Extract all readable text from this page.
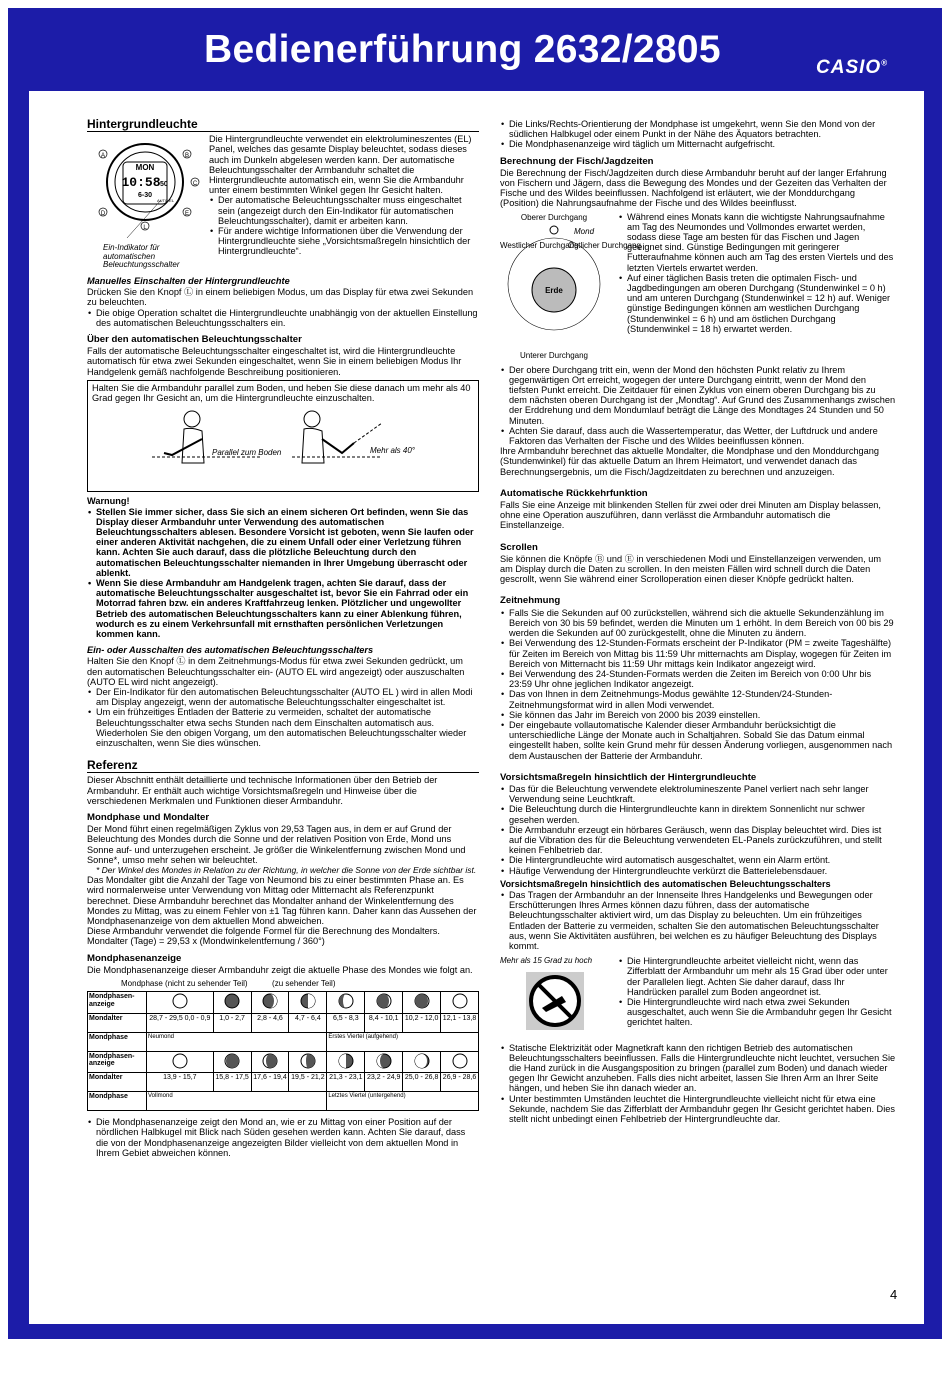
Bedienerführung 2632/2805	CASIO®
Hintergrundleuchte
MON
10:58 50
6-30
AUTO EL
A	B
C
D	E
L
Ein-Indikator für automatischen Beleuchtungsschalter

Die Hintergrundleuchte verwendet ein elektrolumineszentes (EL) Panel, welches das gesamte Display beleuchtet, sodass dieses auch im Dunkeln abgelesen werden kann. Der automatische Beleuchtungsschalter der Armbanduhr schaltet die Hintergrundleuchte automatisch ein, wenn Sie die Armbanduhr unter einem bestimmten Winkel gegen Ihr Gesicht halten.

• Der automatische Beleuchtungsschalter muss eingeschaltet sein (angezeigt durch den Ein-Indikator für automatischen Beleuchtungsschalter), damit er arbeiten kann.
• Für andere wichtige Informationen über die Verwendung der Hintergrundleuchte siehe „Vorsichtsmaßregeln hinsichtlich der Hintergrundleuchte“.
Manuelles Einschalten der Hintergrundleuchte

Drücken Sie den Knopf Ⓛ in einem beliebigen Modus, um das Display für etwa zwei Sekunden zu beleuchten.

• Die obige Operation schaltet die Hintergrundleuchte unabhängig von der aktuellen Einstellung des automatischen Beleuchtungsschalters ein.
Über den automatischen Beleuchtungsschalter

Falls der automatische Beleuchtungsschalter eingeschaltet ist, wird die Hintergrundleuchte automatisch für etwa zwei Sekunden eingeschaltet, wenn Sie in einem beliebigen Modus Ihr Handgelenk gemäß nachfolgende Beschreibung positionieren.

Halten Sie die Armbanduhr parallel zum Boden, und heben Sie diese danach um mehr als 40 Grad gegen Ihr Gesicht an, um die Hintergrundleuchte einzuschalten.

Parallel zum Boden	Mehr als 40°
Warnung!
• Stellen Sie immer sicher, dass Sie sich an einem sicheren Ort befinden, wenn Sie das Display dieser Armbanduhr unter Verwendung des automatischen Beleuchtungsschalters ablesen. Besondere Vorsicht ist geboten, wenn Sie laufen oder einer anderen Aktivität nachgehen, die zu einem Unfall oder einer Verletzung führen kann. Achten Sie auch darauf, dass die plötzliche Beleuchtung durch den automatischen Beleuchtungsschalter niemanden in Ihrer Umgebung überrascht oder ablenkt.
• Wenn Sie diese Armbanduhr am Handgelenk tragen, achten Sie darauf, dass der automatische Beleuchtungsschalter ausgeschaltet ist, bevor Sie ein Fahrrad oder ein Motorrad fahren bzw. ein anderes Kraftfahrzeug lenken. Plötzlicher und ungewollter Betrieb des automatischen Beleuchtungsschalters kann zu einer Ablenkung führen, wodurch es zu einem Verkehrsunfall mit ernsthaften persönlichen Verletzungen kommen kann.
Ein- oder Ausschalten des automatischen Beleuchtungsschalters

Halten Sie den Knopf Ⓛ in dem Zeitnehmungs-Modus für etwa zwei Sekunden gedrückt, um den automatischen Beleuchtungsschalter ein- (AUTO EL wird angezeigt) oder auszuschalten (AUTO EL wird nicht angezeigt).

• Der Ein-Indikator für den automatischen Beleuchtungsschalter (AUTO EL ) wird in allen Modi am Display angezeigt, wenn der automatische Beleuchtungsschalter eingeschaltet ist.
• Um ein frühzeitiges Entladen der Batterie zu vermeiden, schaltet der automatische Beleuchtungsschalter etwa sechs Stunden nach dem Einschalten automatisch aus. Wiederholen Sie den obigen Vorgang, um den automatischen Beleuchtungsschalter wieder einzuschalten, wenn Sie dies wünschen.
Referenz

Dieser Abschnitt enthält detaillierte und technische Informationen über den Betrieb der Armbanduhr. Er enthält auch wichtige Vorsichtsmaßregeln und Hinweise über die verschiedenen Merkmalen und Funktionen dieser Armbanduhr.

Mondphase und Mondalter

Der Mond führt einen regelmäßigen Zyklus von 29,53 Tagen aus, in dem er auf Grund der Beleuchtung des Mondes durch die Sonne und der relativen Position von Erde, Mond uns Sonne auf- und unterzugehen erscheint. Je größer die Winkelentfernung zwischen Mond und Sonne*, umso mehr sehen wir beleuchtet.

* Der Winkel des Mondes in Relation zu der Richtung, in welcher die Sonne von der Erde sichtbar ist.

Das Mondalter gibt die Anzahl der Tage von Neumond bis zu einer bestimmten Phase an. Es wird normalerweise unter Verwendung von Mittag oder Mitternacht als Referenzpunkt berechnet. Diese Armbanduhr berechnet das Mondalter anhand der Winkelentfernung des Mondes zu Mittag, was zu einem Fehler von ±1 Tag führen kann. Daher kann das Aussehen der Mondphasenanzeige von dem aktuellen Mond abweichen.

Diese Armbanduhr verwendet die folgende Formel für die Berechnung des Mondalters. Mondalter (Tage) = 29,53 x (Mondwinkelentfernung / 360°)

Mondphasenanzeige

Die Mondphasenanzeige dieser Armbanduhr zeigt die aktuelle Phase des Mondes wie folgt an.

Mondphase (nicht zu sehender Teil)	(zu sehender Teil)
Mondphasen-anzeige								
Mondalter	28,7 - 29,5 0,0 - 0,9	1,0 - 2,7	2,8 - 4,6	4,7 - 6,4	6,5 - 8,3	8,4 - 10,1	10,2 - 12,0	12,1 - 13,8
Mondphase	Neumond				Erstes Viertel (aufgehend)			
Mondphasen-anzeige								
Mondalter	13,9 - 15,7	15,8 - 17,5	17,6 - 19,4	19,5 - 21,2	21,3 - 23,1	23,2 - 24,9	25,0 - 26,8	26,9 - 28,6
Mondphase	Vollmond				Letztes Viertel (untergehend)			
• Die Mondphasenanzeige zeigt den Mond an, wie er zu Mittag von einer Position auf der nördlichen Halbkugel mit Blick nach Süden gesehen werden kann. Achten Sie darauf, dass die von der Mondphasenanzeige angezeigten Bilder vielleicht von dem aktuellen Mond in Ihrem Gebiet abweichen können.
• Die Links/Rechts-Orientierung der Mondphase ist umgekehrt, wenn Sie den Mond von der südlichen Halbkugel oder einem Punkt in der Nähe des Äquators betrachten.
• Die Mondphasenanzeige wird täglich um Mitternacht aufgefrischt.
Berechnung der Fisch/Jagdzeiten

Die Berechnung der Fisch/Jagdzeiten durch diese Armbanduhr beruht auf der langer Erfahrung von Fischern und Jägern, dass die Bewegung des Mondes und der Gezeiten das Verhalten der Fische und des Wildes beeinflussen. Nachfolgend ist erläutert, wie der Monddurchgang (Position) die Nahrungsaufnahme der Fische und des Wildes beeinflusst.

Oberer Durchgang
Mond
Westlicher Durchgang
Östlicher Durchgang
Erde
Unterer Durchgang
• Während eines Monats kann die wichtigste Nahrungsaufnahme am Tag des Neumondes und Vollmondes erwartet werden, sodass diese Tage am besten für das Fischen und Jagen geeignet sind. Günstige Bedingungen mit geringerer Futteraufnahme können auch am Tag des ersten Viertels und des letzten Viertels erwartet werden.
• Auf einer täglichen Basis treten die optimalen Fisch- und Jagdbedingungen am oberen Durchgang (Stundenwinkel = 0 h) und am unteren Durchgang (Stundenwinkel = 12 h) auf. Weniger günstige Bedingungen können am westlichen Durchgang (Stundenwinkel = 6 h) und am östlichen Durchgang (Stundenwinkel = 18 h) erwartet werden.
• Der obere Durchgang tritt ein, wenn der Mond den höchsten Punkt relativ zu Ihrem gegenwärtigen Ort erreicht, wogegen der untere Durchgang eintritt, wenn der Mond den tiefsten Punkt erreicht. Die Zeitdauer für einen Zyklus von einem oberen Durchgang bis zu dem nächsten oberen Durchgang ist der „Mondtag“. Auf Grund des Zusammenhangs zwischen der Erddrehung und dem Mondumlauf beträgt die Länge des Mondtages 24 Stunden und 50 Minuten.
• Achten Sie darauf, dass auch die Wassertemperatur, das Wetter, der Luftdruck und andere Faktoren das Verhalten der Fische und des Wildes beeinflussen können.

Ihre Armbanduhr berechnet das aktuelle Mondalter, die Mondphase und den Monddurchgang (Stundenwinkel) für das aktuelle Datum an Ihrem Heimatort, und verwendet danach das Berechnungsergebnis, um die Fisch/Jagdzeitdaten zu berechnen und anzuzeigen.

Automatische Rückkehrfunktion

Falls Sie eine Anzeige mit blinkenden Stellen für zwei oder drei Minuten am Display belassen, ohne eine Operation auszuführen, dann verlässt die Armbanduhr automatisch die Einstellanzeige.

Scrollen

Sie können die Knöpfe Ⓑ und Ⓔ in verschiedenen Modi und Einstellanzeigen verwenden, um am Display durch die Daten zu scrollen. In den meisten Fällen wird schnell durch die Daten gescrollt, wenn Sie während einer Scrolloperation einen dieser Knöpfe gedrückt halten.

Zeitnehmung
• Falls Sie die Sekunden auf 00 zurückstellen, während sich die aktuelle Sekundenzählung im Bereich von 30 bis 59 befindet, werden die Minuten um 1 erhöht. In dem Bereich von 00 bis 29 werden die Sekunden auf 00 zurückgestellt, ohne die Minuten zu ändern.
• Bei Verwendung des 12-Stunden-Formats erscheint der P-Indikator (PM = zweite Tageshälfte) für Zeiten im Bereich von Mittag bis 11:59 Uhr mitternachts am Display, wogegen für Zeiten im Bereich von Mitternacht bis 11:59 Uhr mittags kein Indikator angezeigt wird.
• Bei Verwendung des 24-Stunden-Formats werden die Zeiten im Bereich von 0:00 Uhr bis 23:59 Uhr ohne jeglichen Indikator angezeigt.
• Das von Ihnen in dem Zeitnehmungs-Modus gewählte 12-Stunden/24-Stunden-Zeitnehmungsformat wird in allen Modi verwendet.
• Sie können das Jahr im Bereich von 2000 bis 2039 einstellen.
• Der eingebaute vollautomatische Kalender dieser Armbanduhr berücksichtigt die unterschiedliche Länge der Monate auch in Schaltjahren. Sobald Sie das Datum einmal eingestellt haben, sollte kein Grund mehr für dessen Änderung vorliegen, ausgenommen nach dem Austauschen der Batterie der Armbanduhr.
Vorsichtsmaßregeln hinsichtlich der Hintergrundleuchte
• Das für die Beleuchtung verwendete elektrolumineszente Panel verliert nach sehr langer Verwendung seine Leuchtkraft.
• Die Beleuchtung durch die Hintergrundleuchte kann in direktem Sonnenlicht nur schwer gesehen werden.
• Die Armbanduhr erzeugt ein hörbares Geräusch, wenn das Display beleuchtet wird. Dies ist auf die Vibration des für die Beleuchtung verwendeten EL-Panels zurückzuführen, und stellt keinen Fehlbetrieb dar.
• Die Hintergrundleuchte wird automatisch ausgeschaltet, wenn ein Alarm ertönt.
• Häufige Verwendung der Hintergrundleuchte verkürzt die Batterielebensdauer.
Vorsichtsmaßregeln hinsichtlich des automatischen Beleuchtungsschalters
• Das Tragen der Armbanduhr an der Innenseite Ihres Handgelenks und Bewegungen oder Erschütterungen Ihres Armes können dazu führen, dass der automatische Beleuchtungsschalter aktiviert wird, um das Display zu beleuchten. Um ein frühzeitiges Entladen der Batterie zu vermeiden, schalten Sie den automatischen Beleuchtungsschalter aus, wenn Sie Aktivitäten ausführen, bei welchen es zu häufiger Beleuchtung des Displays kommt.
Mehr als 15 Grad zu hoch	• Die Hintergrundleuchte arbeitet vielleicht nicht, wenn das Zifferblatt der Armbanduhr um mehr als 15 Grad über oder unter der Parallelen liegt. Achten Sie daher darauf, dass Ihr Handrücken parallel zum Boden angeordnet ist.
• Die Hintergrundleuchte wird nach etwa zwei Sekunden ausgeschaltet, auch wenn Sie die Armbanduhr gegen Ihr Gesicht gerichtet halten.
• Statische Elektrizität oder Magnetkraft kann den richtigen Betrieb des automatischen Beleuchtungsschalters beeinflussen. Falls die Hintergrundleuchte nicht leuchtet, versuchen Sie die Hand zurück in die Ausgangsposition zu bringen (parallel zum Boden) und danach wieder gegen Ihr Gewicht anzuheben. Falls dies nicht arbeitet, lassen Sie Ihren Arm an Ihrer Seite hängen, und heben Sie ihn danach wieder an.
• Unter bestimmten Umständen leuchtet die Hintergrundleuchte vielleicht nicht für etwa eine Sekunde, nachdem Sie das Zifferblatt der Armbanduhr gegen Ihr Gesicht gerichtet haben. Dies stellt nicht unbedingt einen Fehlbetrieb der Hintergrundleuchte dar.
4
